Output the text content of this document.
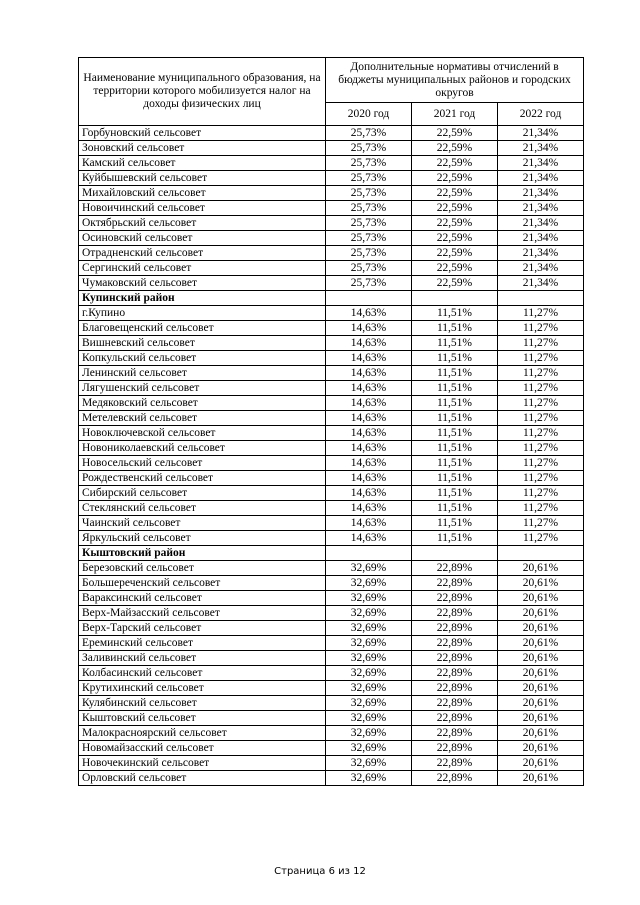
Наименование муниципального образования, на территории которого мобилизуется налог на доходы физических лиц	Дополнительные нормативы отчислений в бюджеты муниципальных районов и городских округов		
	2020 год	2021 год	2022 год
Горбуновский сельсовет	25,73%	22,59%	21,34%
Зоновский сельсовет	25,73%	22,59%	21,34%
Камский сельсовет	25,73%	22,59%	21,34%
Куйбышевский сельсовет	25,73%	22,59%	21,34%
Михайловский сельсовет	25,73%	22,59%	21,34%
Новоичинский сельсовет	25,73%	22,59%	21,34%
Октябрьский сельсовет	25,73%	22,59%	21,34%
Осиновский сельсовет	25,73%	22,59%	21,34%
Отрадненский сельсовет	25,73%	22,59%	21,34%
Сергинский сельсовет	25,73%	22,59%	21,34%
Чумаковский сельсовет	25,73%	22,59%	21,34%
Купинский район			
г.Купино	14,63%	11,51%	11,27%
Благовещенский сельсовет	14,63%	11,51%	11,27%
Вишневский сельсовет	14,63%	11,51%	11,27%
Копкульский сельсовет	14,63%	11,51%	11,27%
Ленинский сельсовет	14,63%	11,51%	11,27%
Лягушенский сельсовет	14,63%	11,51%	11,27%
Медяковский сельсовет	14,63%	11,51%	11,27%
Метелевский сельсовет	14,63%	11,51%	11,27%
Новоключевской сельсовет	14,63%	11,51%	11,27%
Новониколаевский сельсовет	14,63%	11,51%	11,27%
Новосельский сельсовет	14,63%	11,51%	11,27%
Рождественский сельсовет	14,63%	11,51%	11,27%
Сибирский сельсовет	14,63%	11,51%	11,27%
Стеклянский сельсовет	14,63%	11,51%	11,27%
Чаинский сельсовет	14,63%	11,51%	11,27%
Яркульский сельсовет	14,63%	11,51%	11,27%
Кыштовский район			
Березовский сельсовет	32,69%	22,89%	20,61%
Большереченский сельсовет	32,69%	22,89%	20,61%
Вараксинский сельсовет	32,69%	22,89%	20,61%
Верх-Майзасский сельсовет	32,69%	22,89%	20,61%
Верх-Тарский сельсовет	32,69%	22,89%	20,61%
Ереминский сельсовет	32,69%	22,89%	20,61%
Заливинский сельсовет	32,69%	22,89%	20,61%
Колбасинский сельсовет	32,69%	22,89%	20,61%
Крутихинский сельсовет	32,69%	22,89%	20,61%
Кулябинский сельсовет	32,69%	22,89%	20,61%
Кыштовский сельсовет	32,69%	22,89%	20,61%
Малокрасноярский сельсовет	32,69%	22,89%	20,61%
Новомайзасский сельсовет	32,69%	22,89%	20,61%
Новочекинский сельсовет	32,69%	22,89%	20,61%
Орловский сельсовет	32,69%	22,89%	20,61%
Страница 6 из 12
